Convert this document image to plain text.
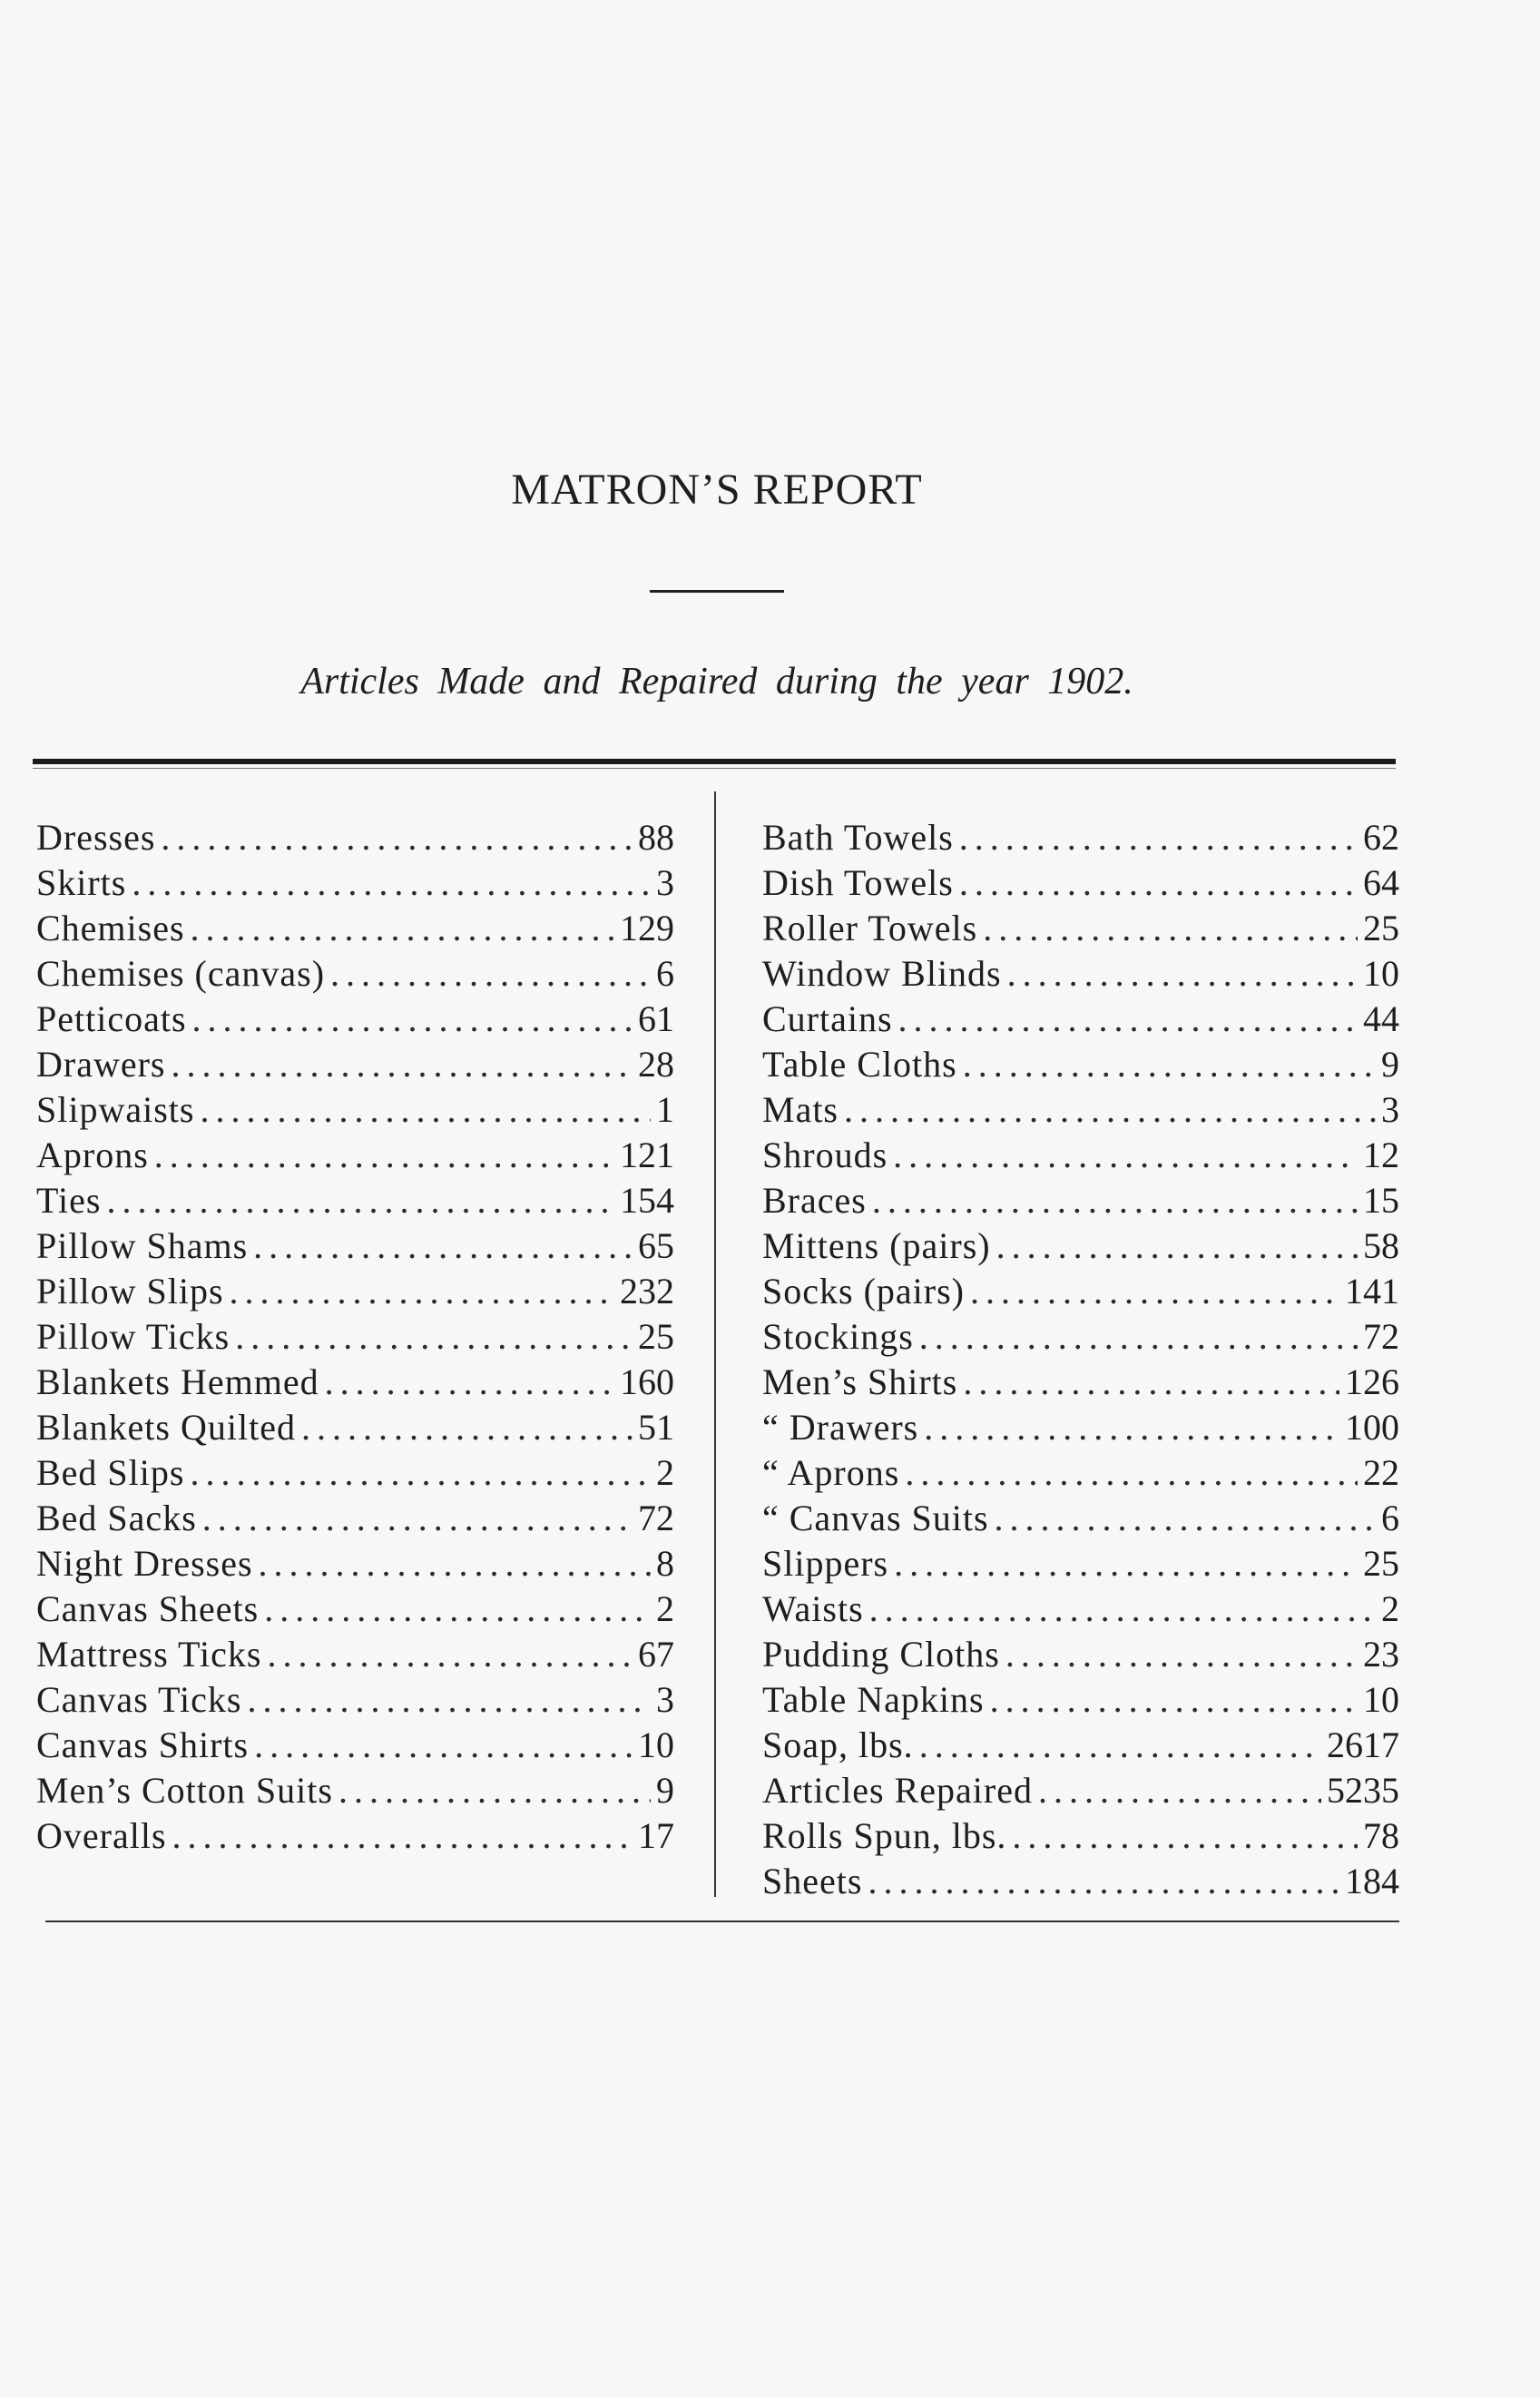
MATRON’S REPORT
Articles Made and Repaired during the year 1902.
Dresses .....	88
Skirts .....	3
Chemises .....	129
Chemises (canvas) .....	6
Petticoats .....	61
Drawers .....	28
Slipwaists .....	1
Aprons .....	121
Ties .....	154
Pillow Shams .....	65
Pillow Slips .....	232
Pillow Ticks .....	25
Blankets Hemmed .....	160
Blankets Quilted .....	51
Bed Slips .....	2
Bed Sacks .....	72
Night Dresses .....	8
Canvas Sheets .....	2
Mattress Ticks .....	67
Canvas Ticks .....	3
Canvas Shirts .....	10
Men’s Cotton Suits .....	9
Overalls .....	17
Bath Towels .....	62
Dish Towels .....	64
Roller Towels .....	25
Window Blinds .....	10
Curtains .....	44
Table Cloths .....	9
Mats .....	3
Shrouds .....	12
Braces .....	15
Mittens (pairs) .....	58
Socks (pairs) .....	141
Stockings .....	72
Men’s Shirts .....	126
“ Drawers .....	100
“ Aprons .....	22
“ Canvas Suits .....	6
Slippers .....	25
Waists .....	2
Pudding Cloths .....	23
Table Napkins .....	10
Soap, lbs. .....	2617
Articles Repaired .....	5235
Rolls Spun, lbs. .....	78
Sheets .....	184
